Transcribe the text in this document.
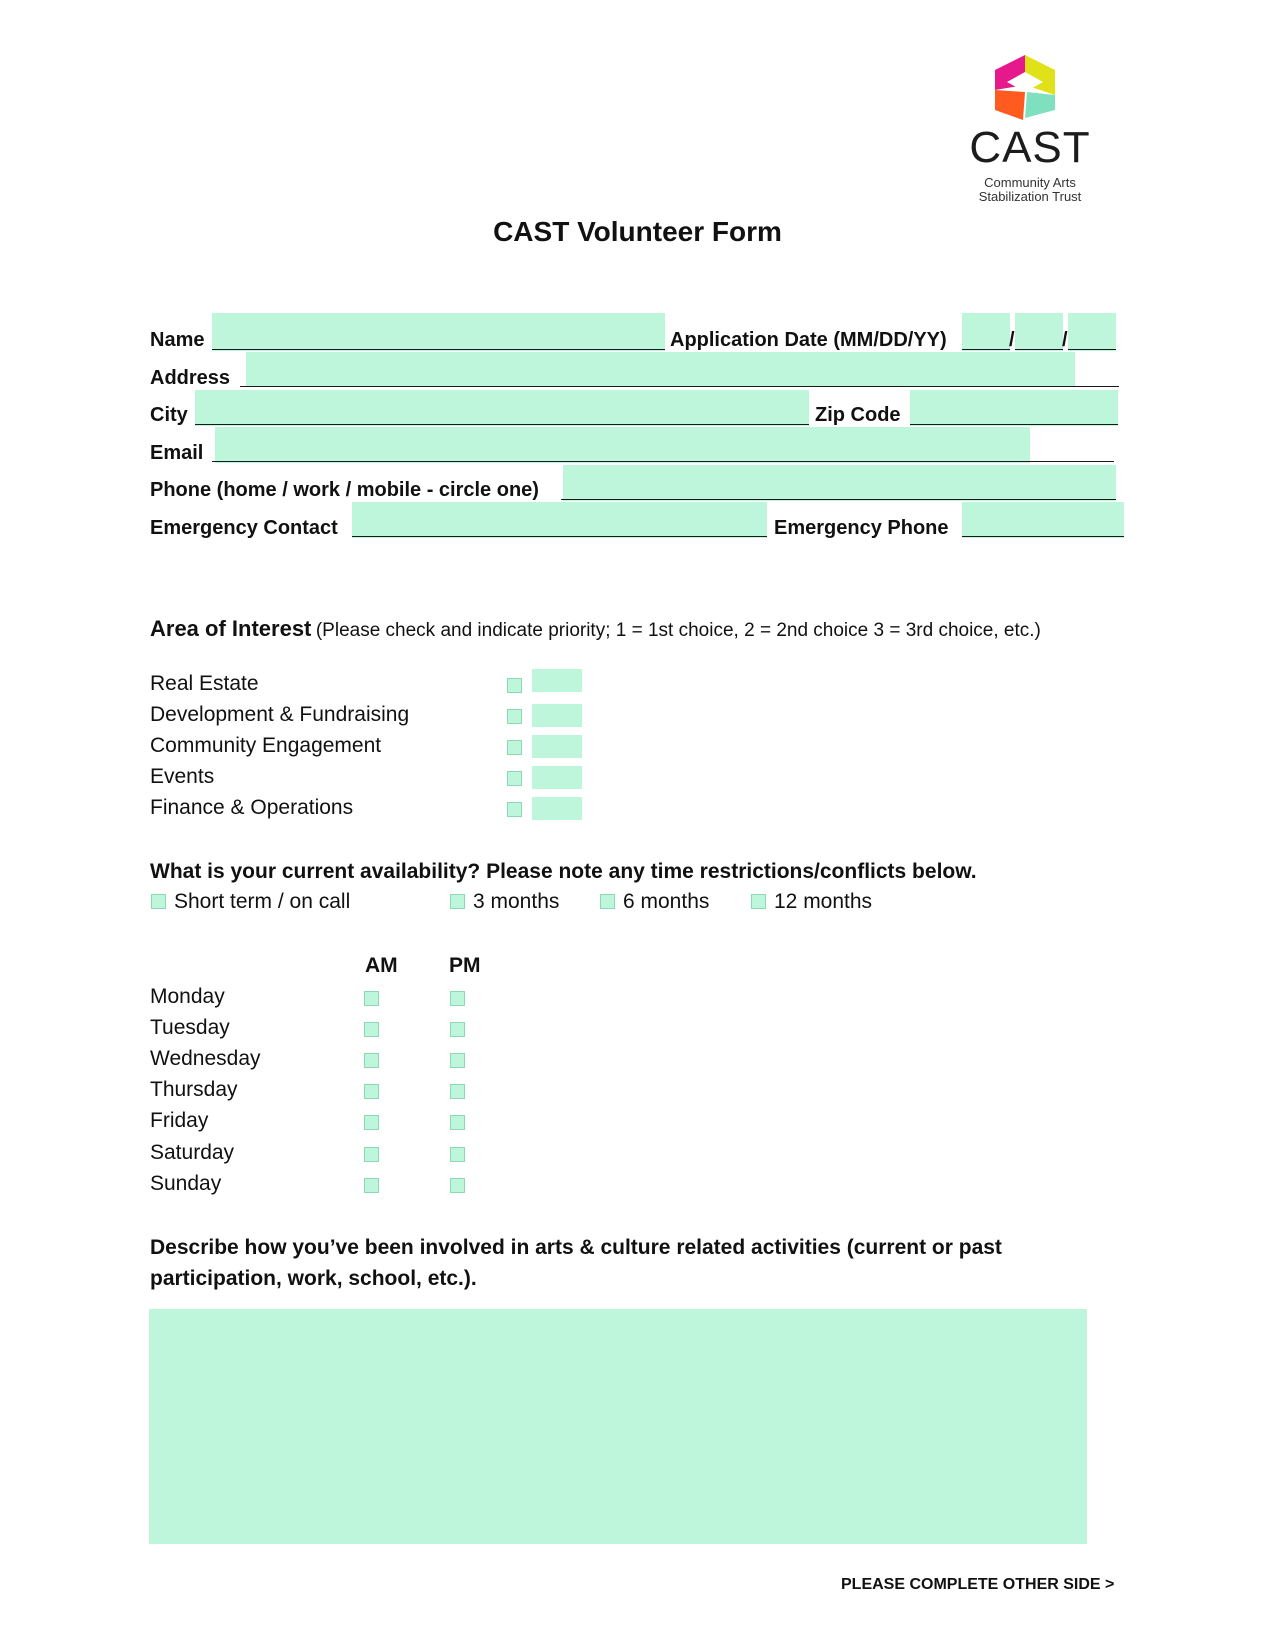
CAST
Community Arts
Stabilization Trust
CAST Volunteer Form
Name	Application Date (MM/DD/YY)	/ /
Address
City	Zip Code
Email
Phone (home / work / mobile - circle one)
Emergency Contact	Emergency Phone
Area of Interest (Please check and indicate priority; 1 = 1st choice, 2 = 2nd choice 3 = 3rd choice, etc.)
Real Estate
Development & Fundraising
Community Engagement
Events
Finance & Operations
What is your current availability? Please note any time restrictions/conflicts below.
Short term / on call	3 months	6 months	12 months
AM PM
Monday
Tuesday
Wednesday
Thursday
Friday
Saturday
Sunday
Describe how you’ve been involved in arts & culture related activities (current or past
participation, work, school, etc.).
PLEASE COMPLETE OTHER SIDE >
